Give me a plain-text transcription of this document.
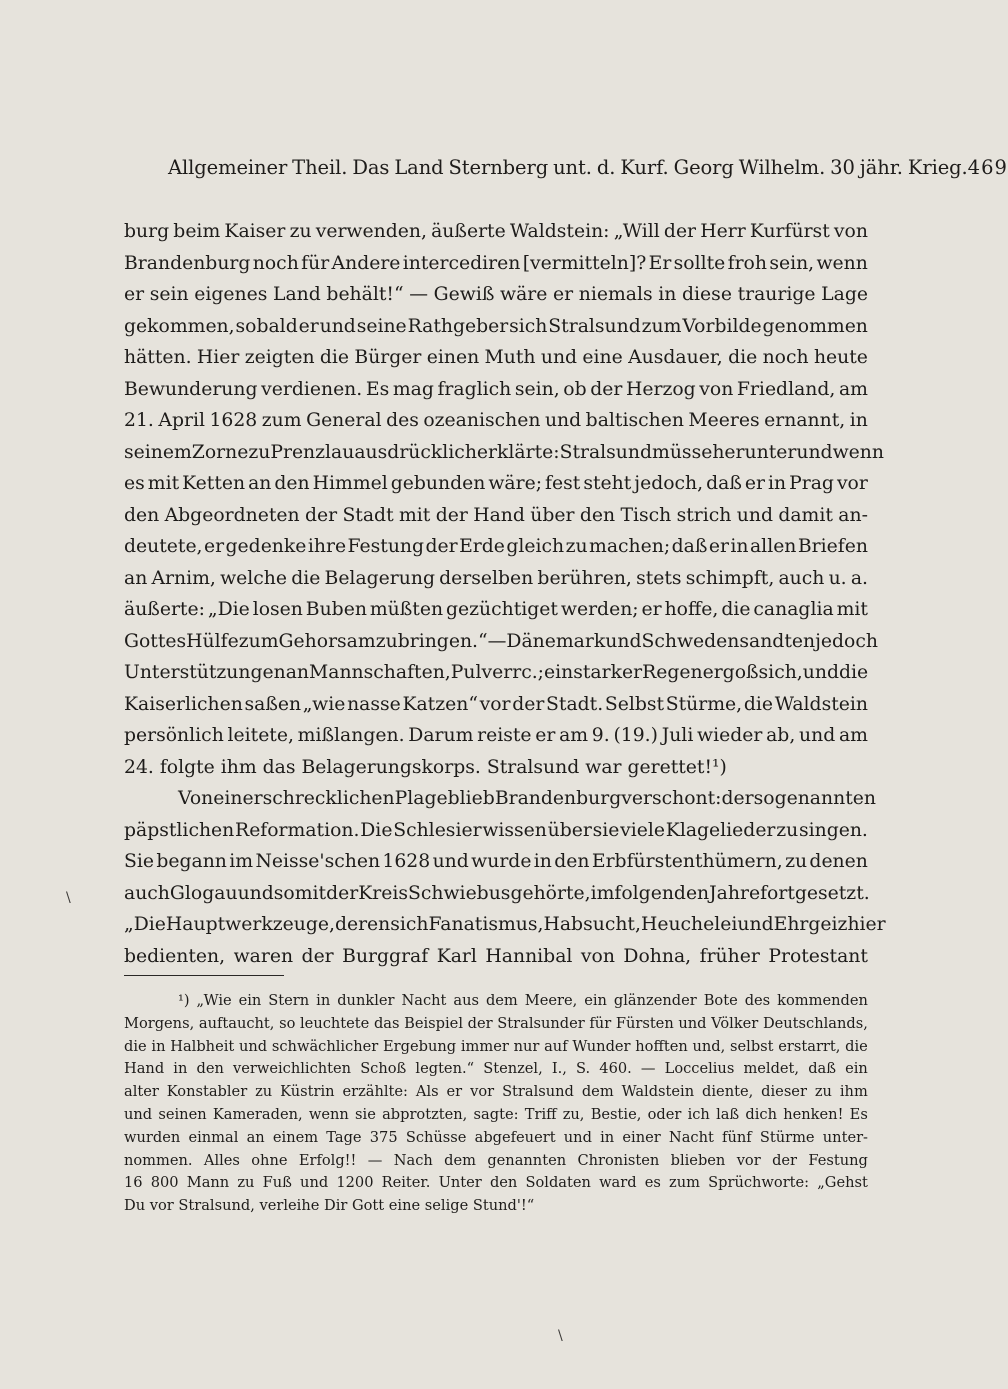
Allgemeiner Theil. Das Land Sternberg unt. d. Kurf. Georg Wilhelm. 30 jähr. Krieg. 469
burg beim Kaiser zu verwenden, äußerte Waldstein: „Will der Herr Kurfürst von
Brandenburg noch für Andere intercediren [vermitteln]? Er sollte froh sein, wenn
er sein eigenes Land behält!“ — Gewiß wäre er niemals in diese traurige Lage
gekommen, sobald er und seine Rathgeber sich Stralsund zum Vorbilde genommen
hätten. Hier zeigten die Bürger einen Muth und eine Ausdauer, die noch heute
Bewunderung verdienen. Es mag fraglich sein, ob der Herzog von Friedland, am
21. April 1628 zum General des ozeanischen und baltischen Meeres ernannt, in
seinem Zorne zu Prenzlau ausdrücklich erklärte: Stralsund müsse herunter und wenn
es mit Ketten an den Himmel gebunden wäre; fest steht jedoch, daß er in Prag vor
den Abgeordneten der Stadt mit der Hand über den Tisch strich und damit an-
deutete, er gedenke ihre Festung der Erde gleich zu machen; daß er in allen Briefen
an Arnim, welche die Belagerung derselben berühren, stets schimpft, auch u. a.
äußerte: „Die losen Buben müßten gezüchtiget werden; er hoffe, die canaglia mit
Gottes Hülfe zum Gehorsam zu bringen.“ — Dänemark und Schweden sandten jedoch
Unterstützungen an Mannschaften, Pulver rc.; ein starker Regen ergoß sich, und die
Kaiserlichen saßen „wie nasse Katzen“ vor der Stadt. Selbst Stürme, die Waldstein
persönlich leitete, mißlangen. Darum reiste er am 9. (19.) Juli wieder ab, und am
24. folgte ihm das Belagerungskorps. Stralsund war gerettet!¹)
Von einer schrecklichen Plage blieb Brandenburg verschont: der sogenannten
päpstlichen Reformation. Die Schlesier wissen über sie viele Klagelieder zu singen.
Sie begann im Neisse'schen 1628 und wurde in den Erbfürstenthümern, zu denen
auch Glogau und somit der Kreis Schwiebus gehörte, im folgenden Jahre fortgesetzt.
„Die Hauptwerkzeuge, deren sich Fanatismus, Habsucht, Heuchelei und Ehrgeiz hier
bedienten, waren der Burggraf Karl Hannibal von Dohna, früher Protestant
¹) „Wie ein Stern in dunkler Nacht aus dem Meere, ein glänzender Bote des kommenden
Morgens, auftaucht, so leuchtete das Beispiel der Stralsunder für Fürsten und Völker Deutschlands,
die in Halbheit und schwächlicher Ergebung immer nur auf Wunder hofften und, selbst erstarrt, die
Hand in den verweichlichten Schoß legten.“ Stenzel, I., S. 460. — Loccelius meldet, daß ein
alter Konstabler zu Küstrin erzählte: Als er vor Stralsund dem Waldstein diente, dieser zu ihm
und seinen Kameraden, wenn sie abprotzten, sagte: Triff zu, Bestie, oder ich laß dich henken! Es
wurden einmal an einem Tage 375 Schüsse abgefeuert und in einer Nacht fünf Stürme unter-
nommen. Alles ohne Erfolg!! — Nach dem genannten Chronisten blieben vor der Festung
16 800 Mann zu Fuß und 1200 Reiter. Unter den Soldaten ward es zum Sprüchworte: „Gehst
Du vor Stralsund, verleihe Dir Gott eine selige Stund'!“
\
\
